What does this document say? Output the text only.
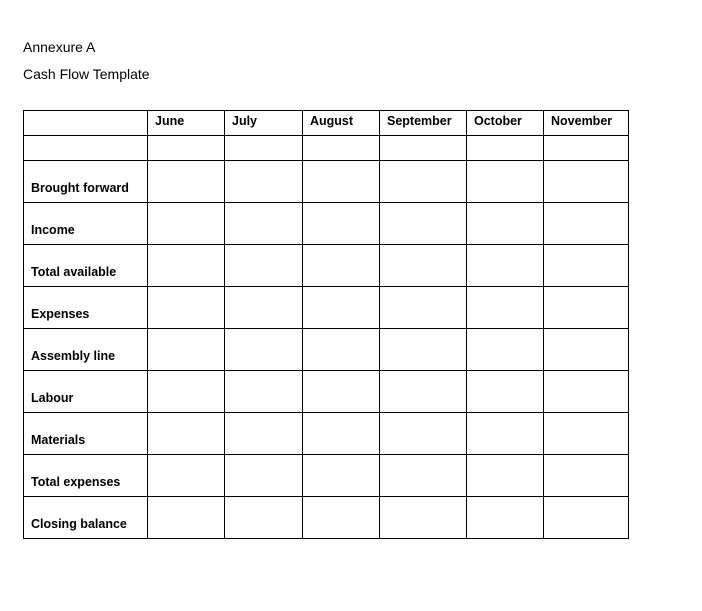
Annexure A

Cash Flow Template

	June	July	August	September	October	November

Brought forward						
Income						
Total available						
Expenses						
Assembly line						
Labour						
Materials						
Total expenses						
Closing balance						
